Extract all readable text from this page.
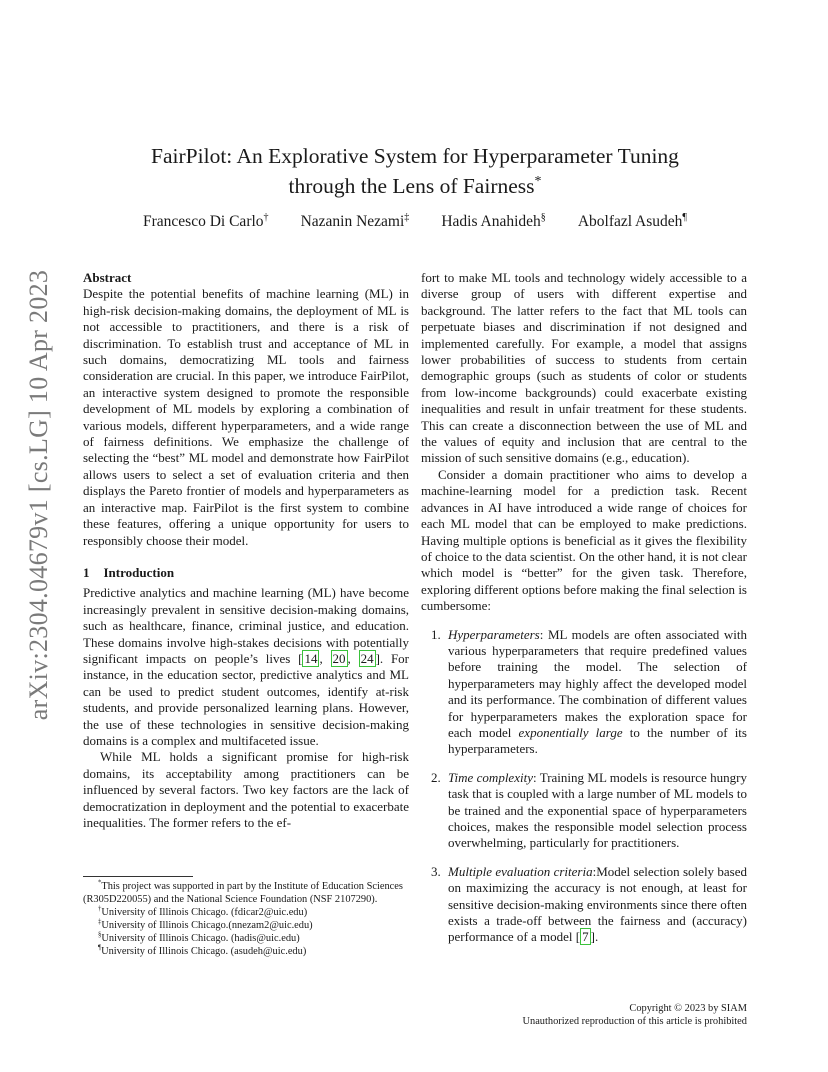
arXiv:2304.04679v1 [cs.LG] 10 Apr 2023
FairPilot: An Explorative System for Hyperparameter Tuning
through the Lens of Fairness*
Francesco Di Carlo† Nazanin Nezami‡ Hadis Anahideh§ Abolfazl Asudeh¶

Abstract

Despite the potential benefits of machine learning (ML) in high-risk decision-making domains, the deployment of ML is not accessible to practitioners, and there is a risk of discrimination. To establish trust and acceptance of ML in such domains, democratizing ML tools and fairness consideration are crucial. In this paper, we introduce FairPilot, an interactive system designed to promote the responsible development of ML models by exploring a combination of various models, different hyperparameters, and a wide range of fairness definitions. We emphasize the challenge of selecting the “best” ML model and demonstrate how FairPilot allows users to select a set of evaluation criteria and then displays the Pareto frontier of models and hyperparameters as an interactive map. FairPilot is the first system to combine these features, offering a unique opportunity for users to responsibly choose their model.

1 Introduction

Predictive analytics and machine learning (ML) have become increasingly prevalent in sensitive decision-making domains, such as healthcare, finance, criminal justice, and education. These domains involve high-stakes decisions with potentially significant impacts on people’s lives [ 14 , 20 , 24 ]. For instance, in the education sector, predictive analytics and ML can be used to predict student outcomes, identify at-risk students, and provide personalized learning plans. However, the use of these technologies in sensitive decision-making domains is a complex and multifaceted issue.

While ML holds a significant promise for high-risk domains, its acceptability among practitioners can be influenced by several factors. Two key factors are the lack of democratization in deployment and the potential to exacerbate inequalities. The former refers to the ef-

fort to make ML tools and technology widely accessible to a diverse group of users with different expertise and background. The latter refers to the fact that ML tools can perpetuate biases and discrimination if not designed and implemented carefully. For example, a model that assigns lower probabilities of success to students from certain demographic groups (such as students of color or students from low-income backgrounds) could exacerbate existing inequalities and result in unfair treatment for these students. This can create a disconnection between the use of ML and the values of equity and inclusion that are central to the mission of such sensitive domains (e.g., education).

Consider a domain practitioner who aims to develop a machine-learning model for a prediction task. Recent advances in AI have introduced a wide range of choices for each ML model that can be employed to make predictions. Having multiple options is beneficial as it gives the flexibility of choice to the data scientist. On the other hand, it is not clear which model is “better” for the given task. Therefore, exploring different options before making the final selection is cumbersome:

1. Hyperparameters: ML models are often associated with various hyperparameters that require predefined values before training the model. The selection of hyperparameters may highly affect the developed model and its performance. The combination of different values for hyperparameters makes the exploration space for each model exponentially large to the number of its hyperparameters.
2. Time complexity: Training ML models is resource hungry task that is coupled with a large number of ML models to be trained and the exponential space of hyperparameters choices, makes the responsible model selection process overwhelming, particularly for practitioners.
3. Multiple evaluation criteria:Model selection solely based on maximizing the accuracy is not enough, at least for sensitive decision-making environments since there often exists a trade-off between the fairness and (accuracy) performance of a model [ 7 ].

*This project was supported in part by the Institute of Education Sciences (R305D220055) and the National Science Foundation (NSF 2107290).

†University of Illinois Chicago. (fdicar2@uic.edu)

‡University of Illinois Chicago.(nnezam2@uic.edu)

§University of Illinois Chicago. (hadis@uic.edu)

¶University of Illinois Chicago. (asudeh@uic.edu)

Copyright © 2023 by SIAM
Unauthorized reproduction of this article is prohibited
